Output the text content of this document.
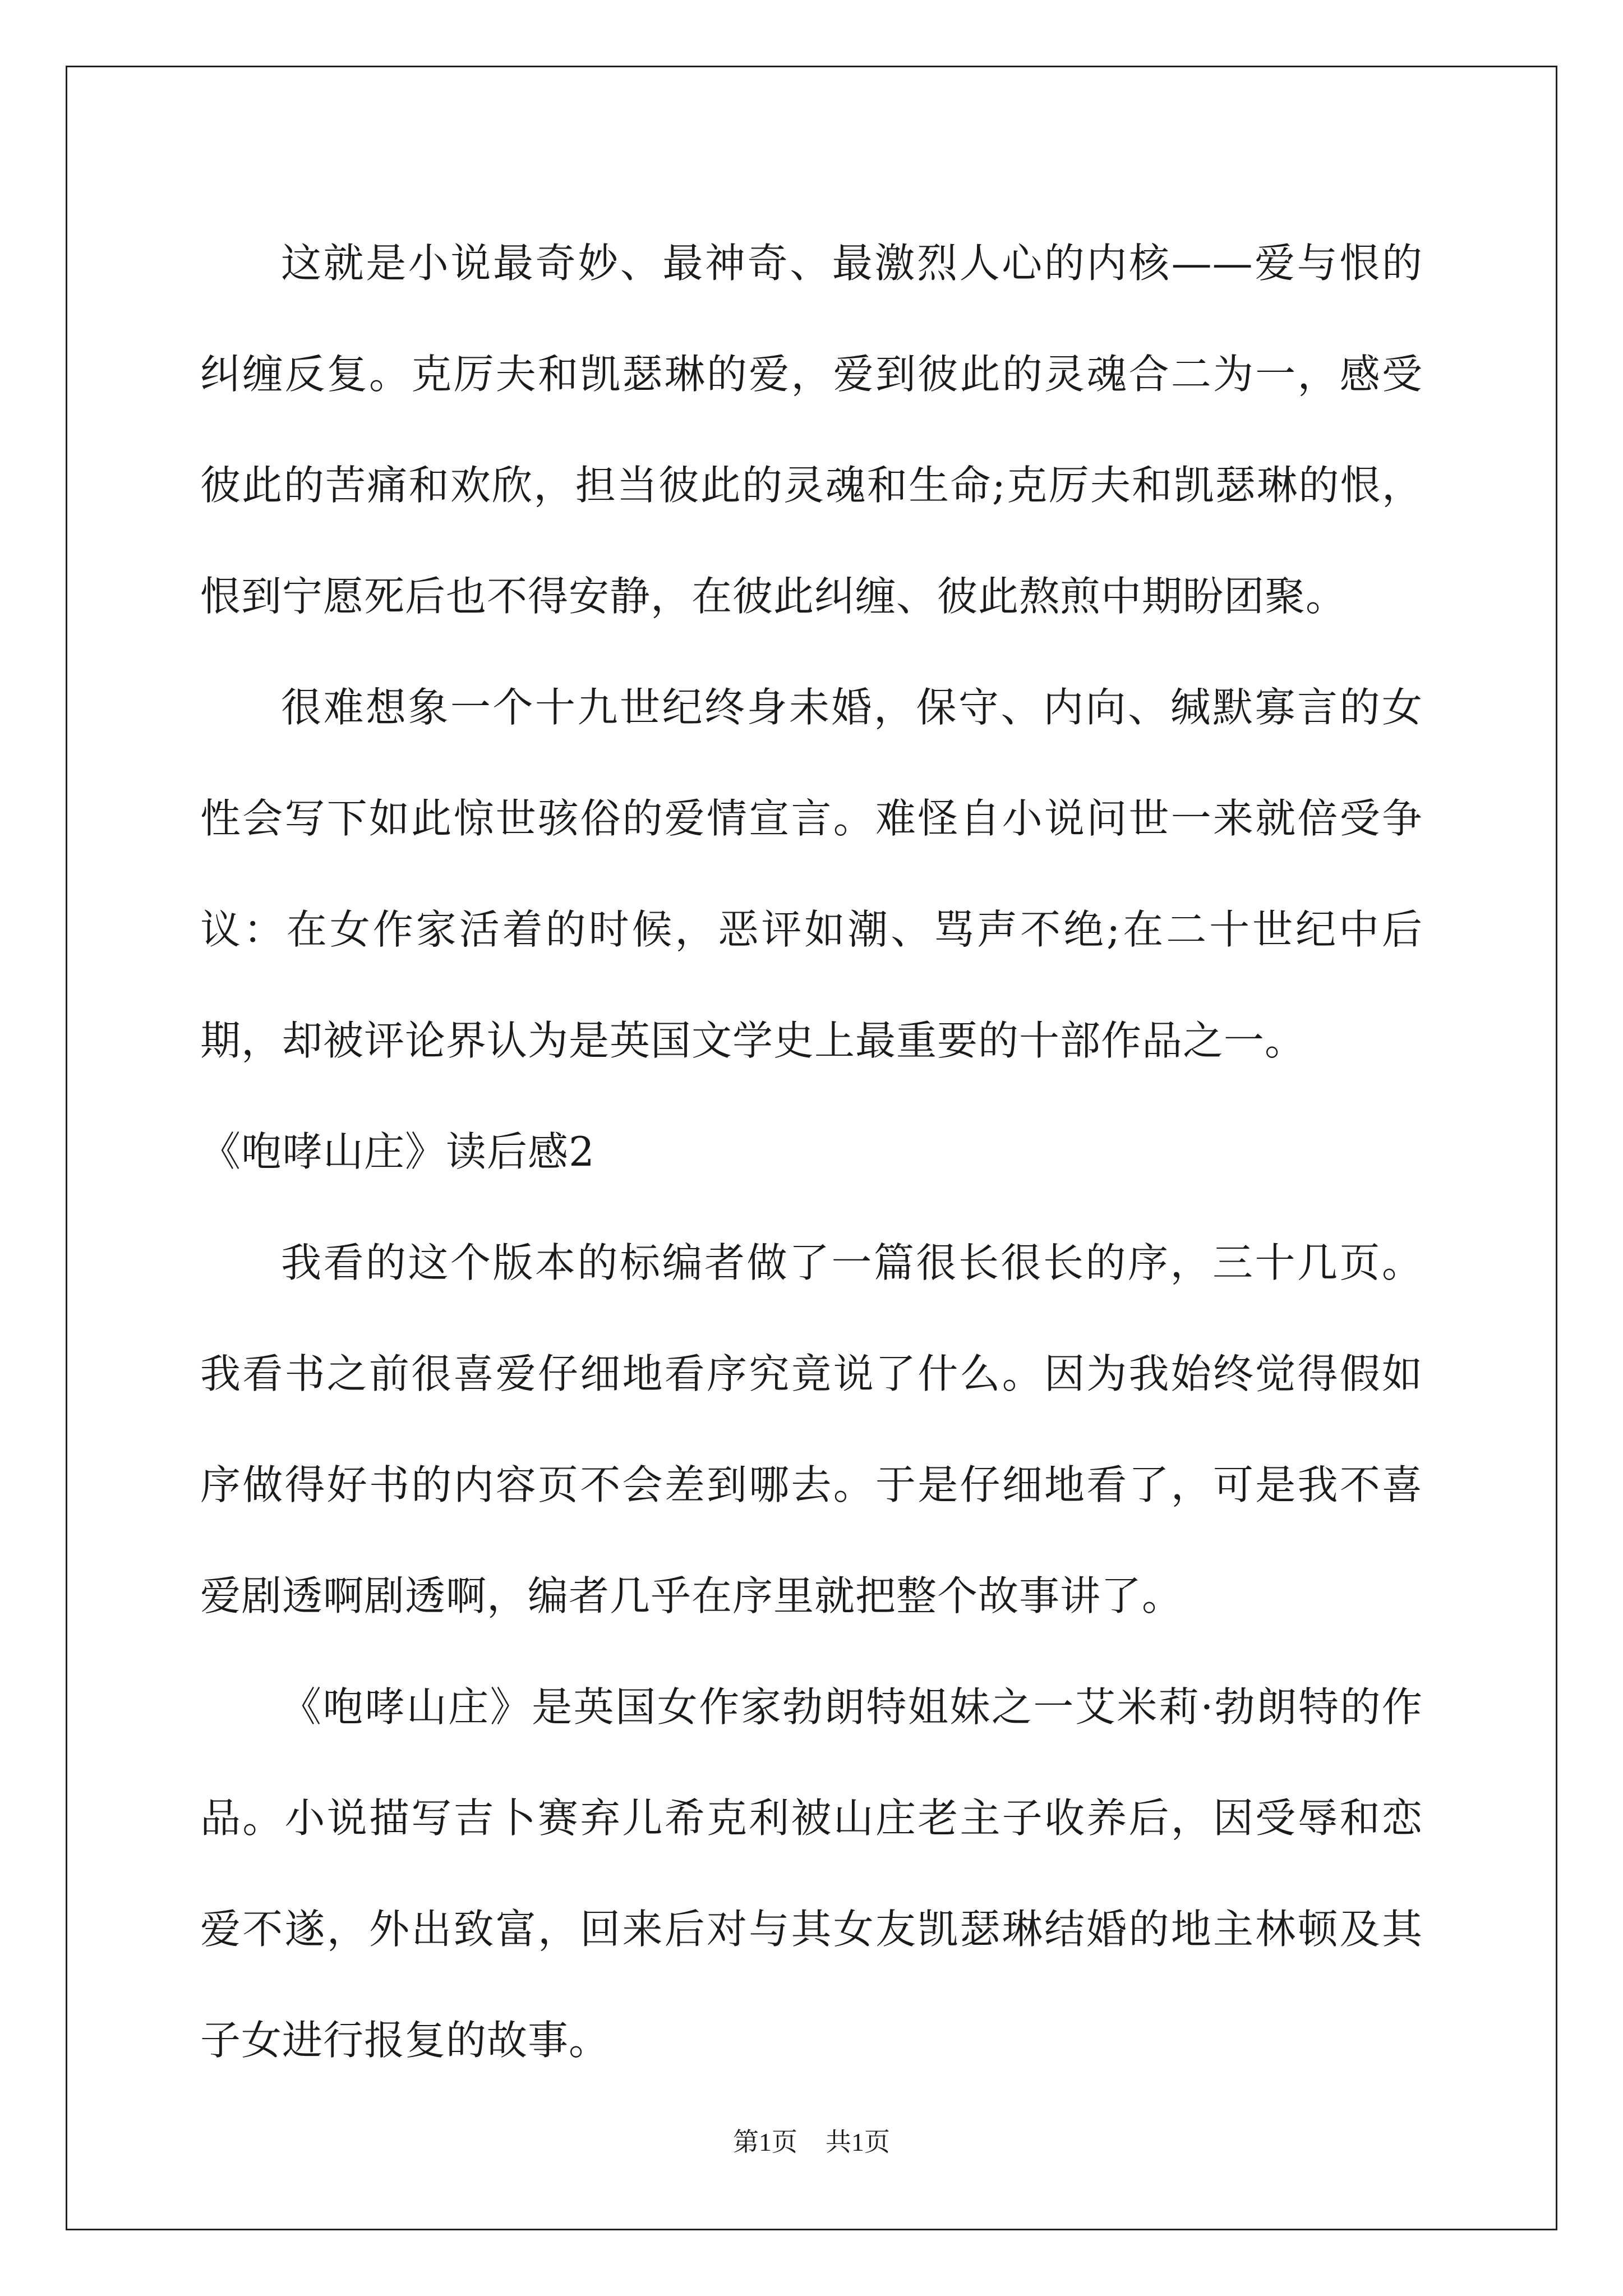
这就是小说最奇妙、最神奇、最激烈人心的内核——爱与恨的纠缠反复。克厉夫和凯瑟琳的爱，爱到彼此的灵魂合二为一，感受彼此的苦痛和欢欣，担当彼此的灵魂和生命;克厉夫和凯瑟琳的恨，恨到宁愿死后也不得安静，在彼此纠缠、彼此熬煎中期盼团聚。

很难想象一个十九世纪终身未婚，保守、内向、缄默寡言的女性会写下如此惊世骇俗的爱情宣言。难怪自小说问世一来就倍受争议：在女作家活着的时候，恶评如潮、骂声不绝;在二十世纪中后期，却被评论界认为是英国文学史上最重要的十部作品之一。

《咆哮山庄》读后感2

我看的这个版本的标编者做了一篇很长很长的序，三十几页。我看书之前很喜爱仔细地看序究竟说了什么。因为我始终觉得假如序做得好书的内容页不会差到哪去。于是仔细地看了，可是我不喜爱剧透啊剧透啊，编者几乎在序里就把整个故事讲了。

《咆哮山庄》是英国女作家勃朗特姐妹之一艾米莉·勃朗特的作品。小说描写吉卜赛弃儿希克利被山庄老主子收养后，因受辱和恋爱不遂，外出致富，回来后对与其女友凯瑟琳结婚的地主林顿及其子女进行报复的故事。

第1页 共1页
